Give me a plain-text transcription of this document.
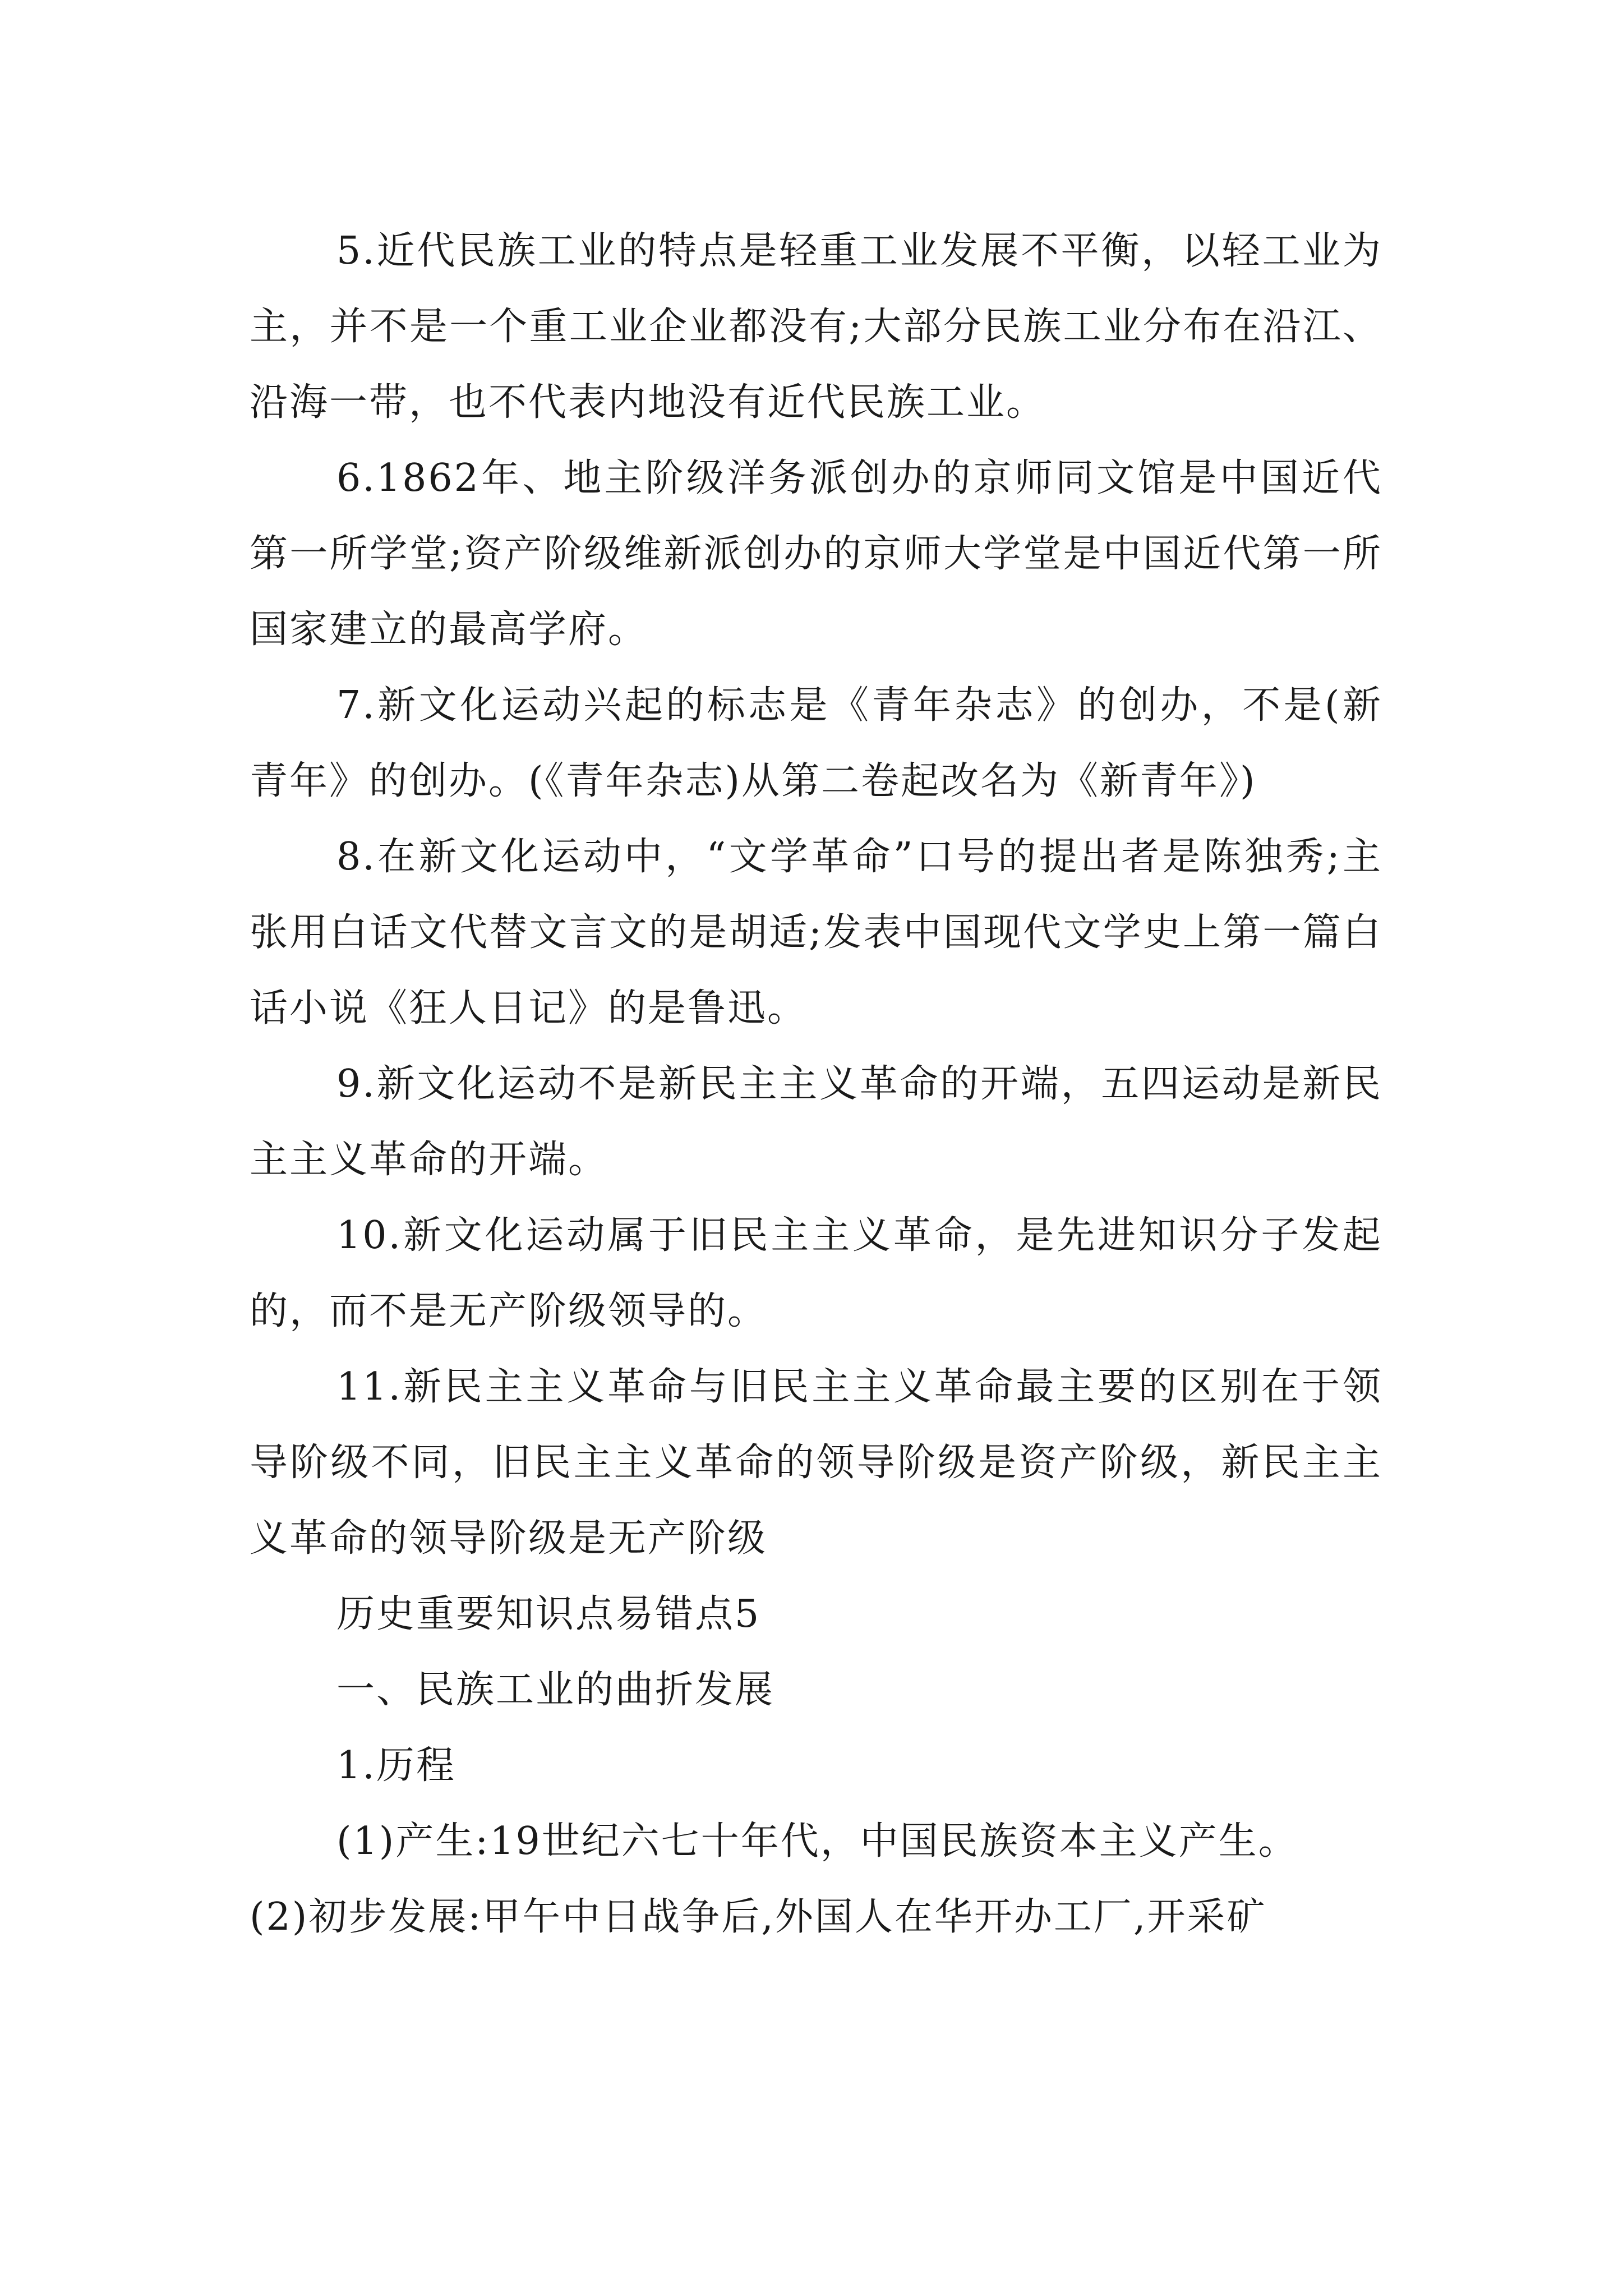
5.近代民族工业的特点是轻重工业发展不平衡，以轻工业为主，并不是一个重工业企业都没有;大部分民族工业分布在沿江、沿海一带，也不代表内地没有近代民族工业。

6.1862年、地主阶级洋务派创办的京师同文馆是中国近代第一所学堂;资产阶级维新派创办的京师大学堂是中国近代第一所国家建立的最高学府。

7.新文化运动兴起的标志是《青年杂志》的创办，不是(新青年》的创办。(《青年杂志)从第二卷起改名为《新青年》)

8.在新文化运动中，“文学革命”口号的提出者是陈独秀;主张用白话文代替文言文的是胡适;发表中国现代文学史上第一篇白话小说《狂人日记》的是鲁迅。

9.新文化运动不是新民主主义革命的开端，五四运动是新民主主义革命的开端。

10.新文化运动属于旧民主主义革命，是先进知识分子发起的，而不是无产阶级领导的。

11.新民主主义革命与旧民主主义革命最主要的区别在于领导阶级不同，旧民主主义革命的领导阶级是资产阶级，新民主主义革命的领导阶级是无产阶级

历史重要知识点易错点5

一、民族工业的曲折发展

1.历程

(1)产生:19世纪六七十年代，中国民族资本主义产生。

(2)初步发展:甲午中日战争后,外国人在华开办工厂,开采矿
